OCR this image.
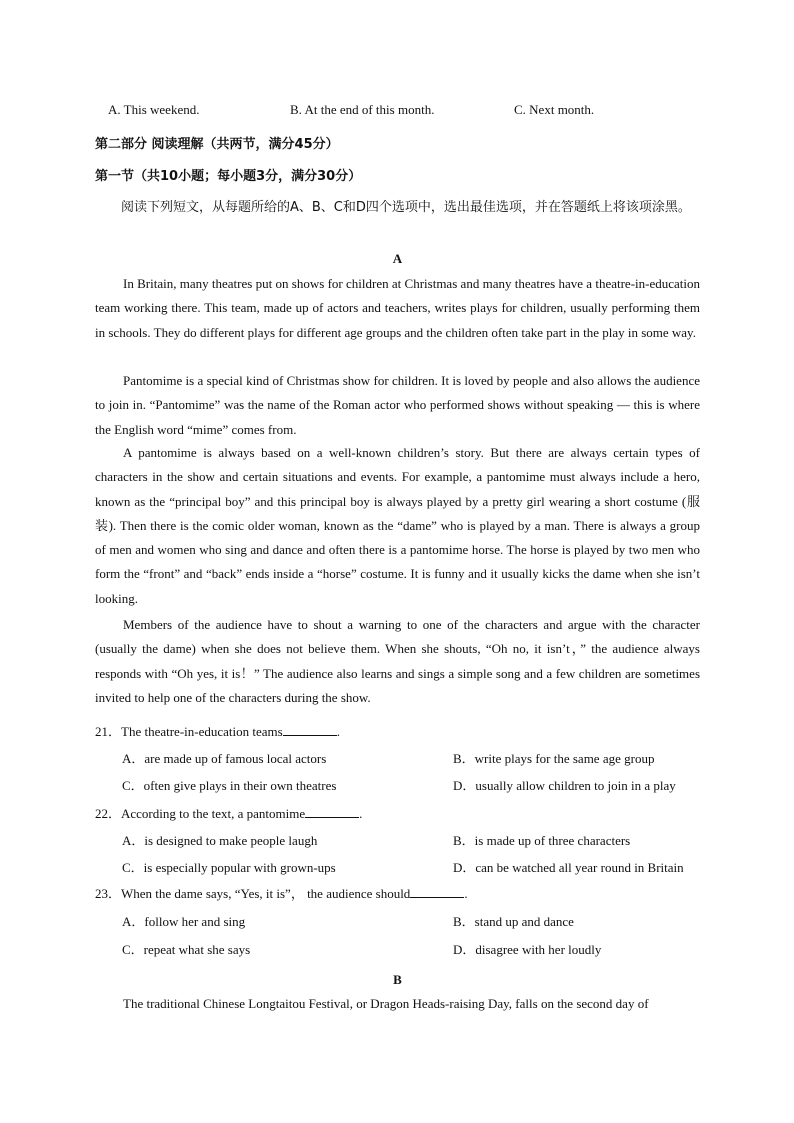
A. This weekend.	B. At the end of this month.	C. Next month.
第二部分 阅读理解（共两节，满分45分）
第一节（共10小题；每小题3分，满分30分）

阅读下列短文，从每题所给的A、B、C和D四个选项中，选出最佳选项，并在答题纸上将该项涂黑。

A

In Britain, many theatres put on shows for children at Christmas and many theatres have a theatre-in-education team working there. This team, made up of actors and teachers, writes plays for children, usually performing them in schools. They do different plays for different age groups and the children often take part in the play in some way.

Pantomime is a special kind of Christmas show for children. It is loved by people and also allows the audience to join in. “Pantomime” was the name of the Roman actor who performed shows without speaking — this is where the English word “mime” comes from.

A pantomime is always based on a well-known children’s story. But there are always certain types of characters in the show and certain situations and events. For example, a pantomime must always include a hero, known as the “principal boy” and this principal boy is always played by a pretty girl wearing a short costume (服装). Then there is the comic older woman, known as the “dame” who is played by a man. There is always a group of men and women who sing and dance and often there is a pantomime horse. The horse is played by two men who form the “front” and “back” ends inside a “horse” costume. It is funny and it usually kicks the dame when she isn’t looking.

Members of the audience have to shout a warning to one of the characters and argue with the character (usually the dame) when she does not believe them. When she shouts, “Oh no, it isn’t，” the audience always responds with “Oh yes, it is！” The audience also learns and sings a simple song and a few children are sometimes invited to help one of the characters during the show.

21．The theatre-in-education teams	.
A．are made up of famous local actors	B．write plays for the same age group
C．often give plays in their own theatres	D．usually allow children to join in a play
22．According to the text, a pantomime	.
A．is designed to make people laugh	B．is made up of three characters
C．is especially popular with grown-ups	D．can be watched all year round in Britain
23．When the dame says, “Yes, it is”， the audience should	.
A．follow her and sing	B．stand up and dance
C．repeat what she says	D．disagree with her loudly
B

The traditional Chinese Longtaitou Festival, or Dragon Heads-raising Day, falls on the second day of
